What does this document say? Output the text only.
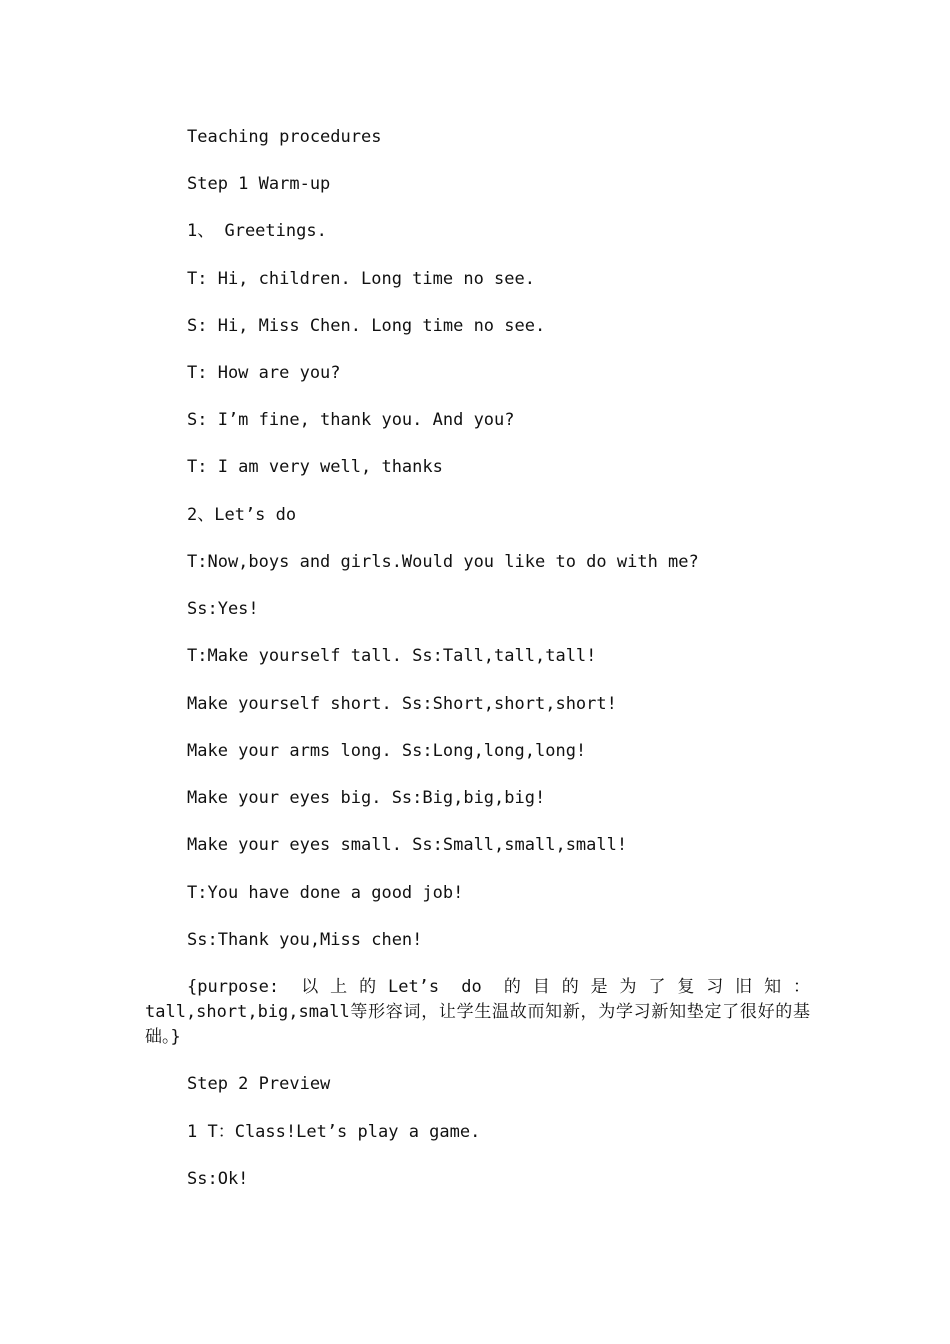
Teaching procedures
Step 1 Warm-up
1、 Greetings.
T: Hi, children. Long time no see.
S: Hi, Miss Chen. Long time no see.
T: How are you?
S: I’m fine, thank you. And you?
T: I am very well, thanks
2、Let’s do
T:Now,boys and girls.Would you like to do with me?
Ss:Yes!
T:Make yourself tall. Ss:Tall,tall,tall!
Make yourself short. Ss:Short,short,short!
Make your arms long. Ss:Long,long,long!
Make your eyes big. Ss:Big,big,big!
Make your eyes small. Ss:Small,small,small!
T:You have done a good job!
Ss:Thank you,Miss chen!
{purpose: 以上的Let’s do 的目的是为了复习旧知：tall,short,big,small等形容词，让学生温故而知新，为学习新知垫定了很好的基础。}
Step 2 Preview
1 T：Class!Let’s play a game.
Ss:Ok!
